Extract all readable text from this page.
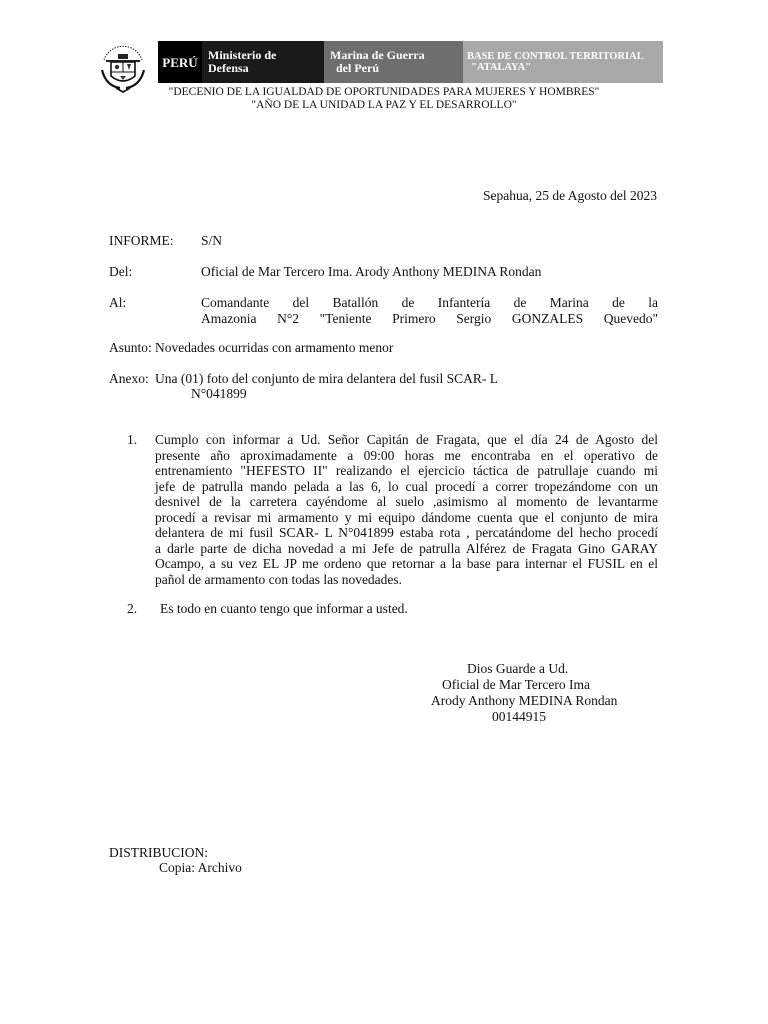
PERÚ Ministerio de
Defensa
Marina de Guerra
del Perú
BASE DE CONTROL TERRITORIAL
"ATALAYA"
"DECENIO DE LA IGUALDAD DE OPORTUNIDADES PARA MUJERES Y HOMBRES"
"AÑO DE LA UNIDAD LA PAZ Y EL DESARROLLO"
Sepahua, 25 de Agosto del 2023
INFORME: S/N
Del:	Oficial de Mar Tercero Ima. Arody Anthony MEDINA Rondan
Al:	Comandante del Batallón de Infantería de Marina de la
Amazonia N°2 "Teniente Primero Sergio GONZALES Quevedo"
Asunto: Novedades ocurridas con armamento menor
Anexo: Una (01) foto del conjunto de mira delantera del fusil SCAR- L
N°041899
1. Cumplo con informar a Ud. Señor Capitán de Fragata, que el día 24 de Agosto del
presente año aproximadamente a 09:00 horas me encontraba en el operativo de
entrenamiento "HEFESTO II" realizando el ejercicio táctica de patrullaje cuando mi
jefe de patrulla mando pelada a las 6, lo cual procedí a correr tropezándome con un
desnivel de la carretera cayéndome al suelo ,asimismo al momento de levantarme
procedí a revisar mi armamento y mi equipo dándome cuenta que el conjunto de mira
delantera de mi fusil SCAR- L N°041899 estaba rota , percatándome del hecho procedí
a darle parte de dicha novedad a mi Jefe de patrulla Alférez de Fragata Gino GARAY
Ocampo, a su vez EL JP me ordeno que retornar a la base para internar el FUSIL en el
pañol de armamento con todas las novedades.
2. Es todo en cuanto tengo que informar a usted.
Dios Guarde a Ud.
Oficial de Mar Tercero Ima
Arody Anthony MEDINA Rondan
00144915
DISTRIBUCION:
Copia: Archivo
